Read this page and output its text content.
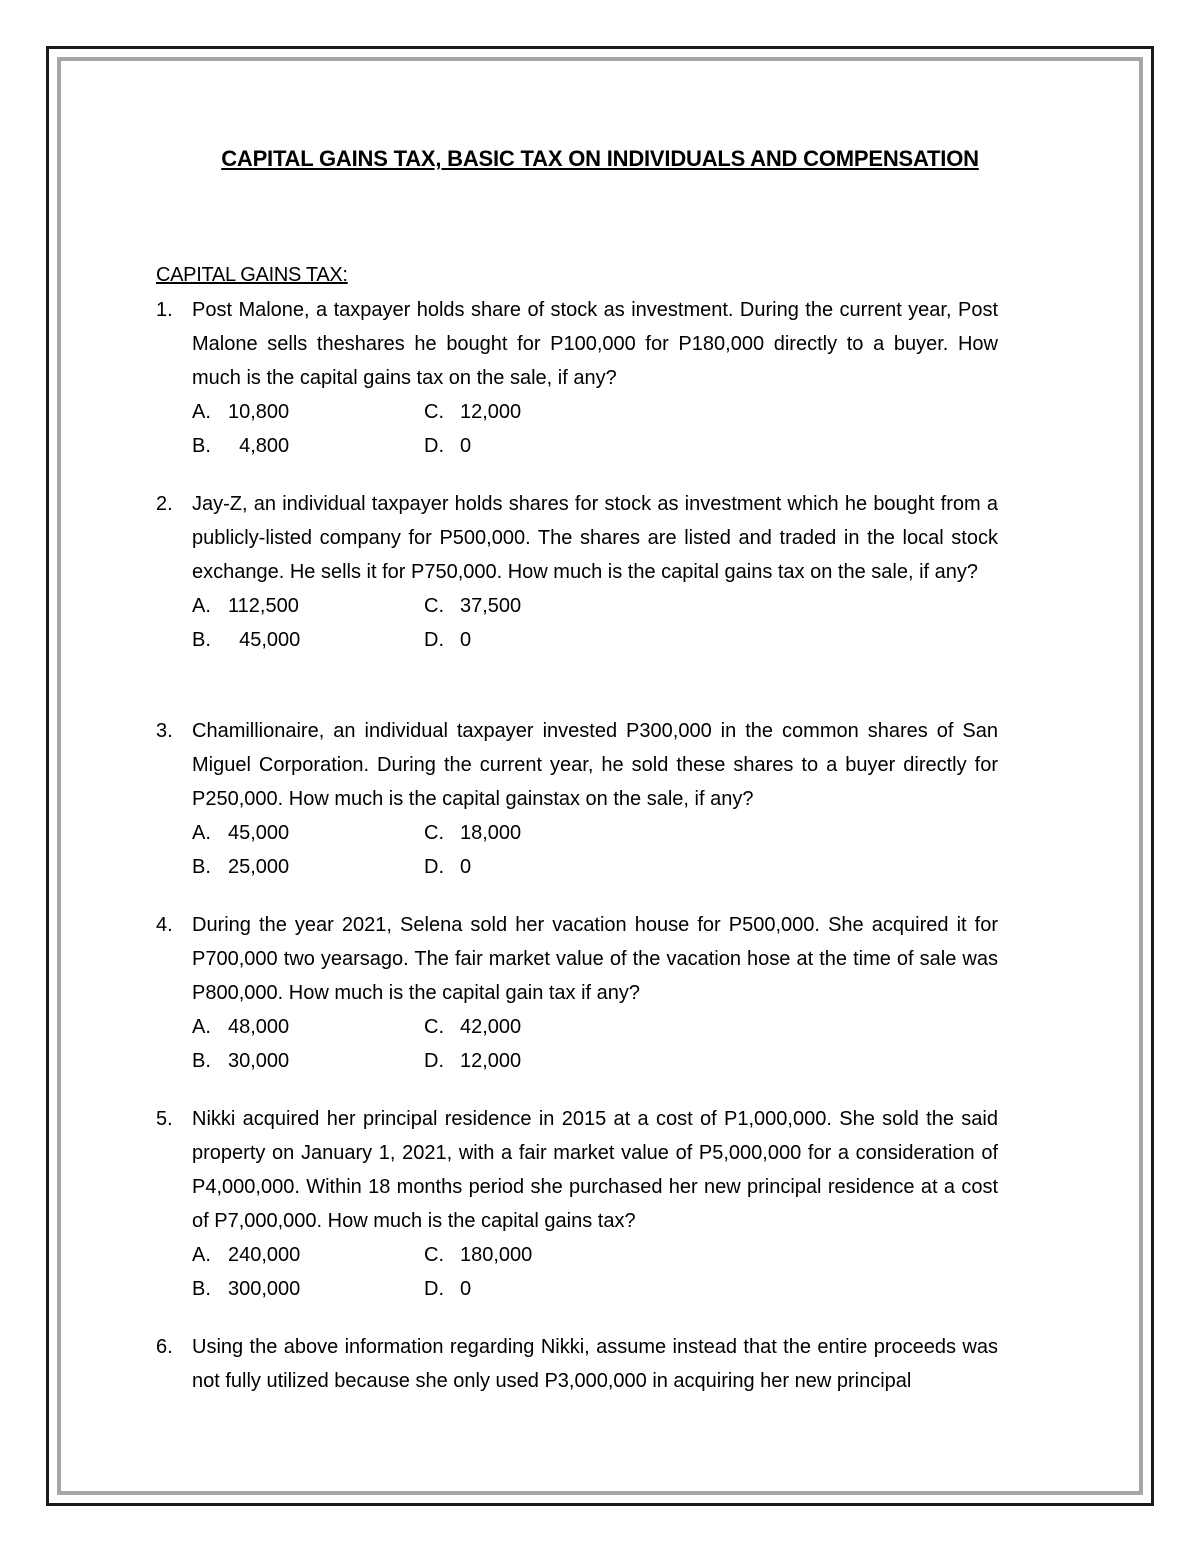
CAPITAL GAINS TAX, BASIC TAX ON INDIVIDUALS AND COMPENSATION
CAPITAL GAINS TAX:
1. Post Malone, a taxpayer holds share of stock as investment. During the current year, Post Malone sells theshares he bought for P100,000 for P180,000 directly to a buyer. How much is the capital gains tax on the sale, if any?
A. 10,800
B.  4,800
C. 12,000
D. 0
2. Jay-Z, an individual taxpayer holds shares for stock as investment which he bought from a publicly-listed company for P500,000. The shares are listed and traded in the local stock exchange. He sells it for P750,000. How much is the capital gains tax on the sale, if any?
A. 112,500
B.  45,000
C. 37,500
D. 0
3. Chamillionaire, an individual taxpayer invested P300,000 in the common shares of San Miguel Corporation. During the current year, he sold these shares to a buyer directly for P250,000. How much is the capital gainstax on the sale, if any?
A. 45,000
B. 25,000
C. 18,000
D. 0
4. During the year 2021, Selena sold her vacation house for P500,000. She acquired it for P700,000 two yearsago. The fair market value of the vacation hose at the time of sale was P800,000. How much is the capital gain tax if any?
A. 48,000
B. 30,000
C. 42,000
D. 12,000
5. Nikki acquired her principal residence in 2015 at a cost of P1,000,000. She sold the said property on January 1, 2021, with a fair market value of P5,000,000 for a consideration of P4,000,000. Within 18 months period she purchased her new principal residence at a cost of P7,000,000. How much is the capital gains tax?
A. 240,000
B. 300,000
C. 180,000
D. 0
6. Using the above information regarding Nikki, assume instead that the entire proceeds was not fully utilized because she only used P3,000,000 in acquiring her new principal
